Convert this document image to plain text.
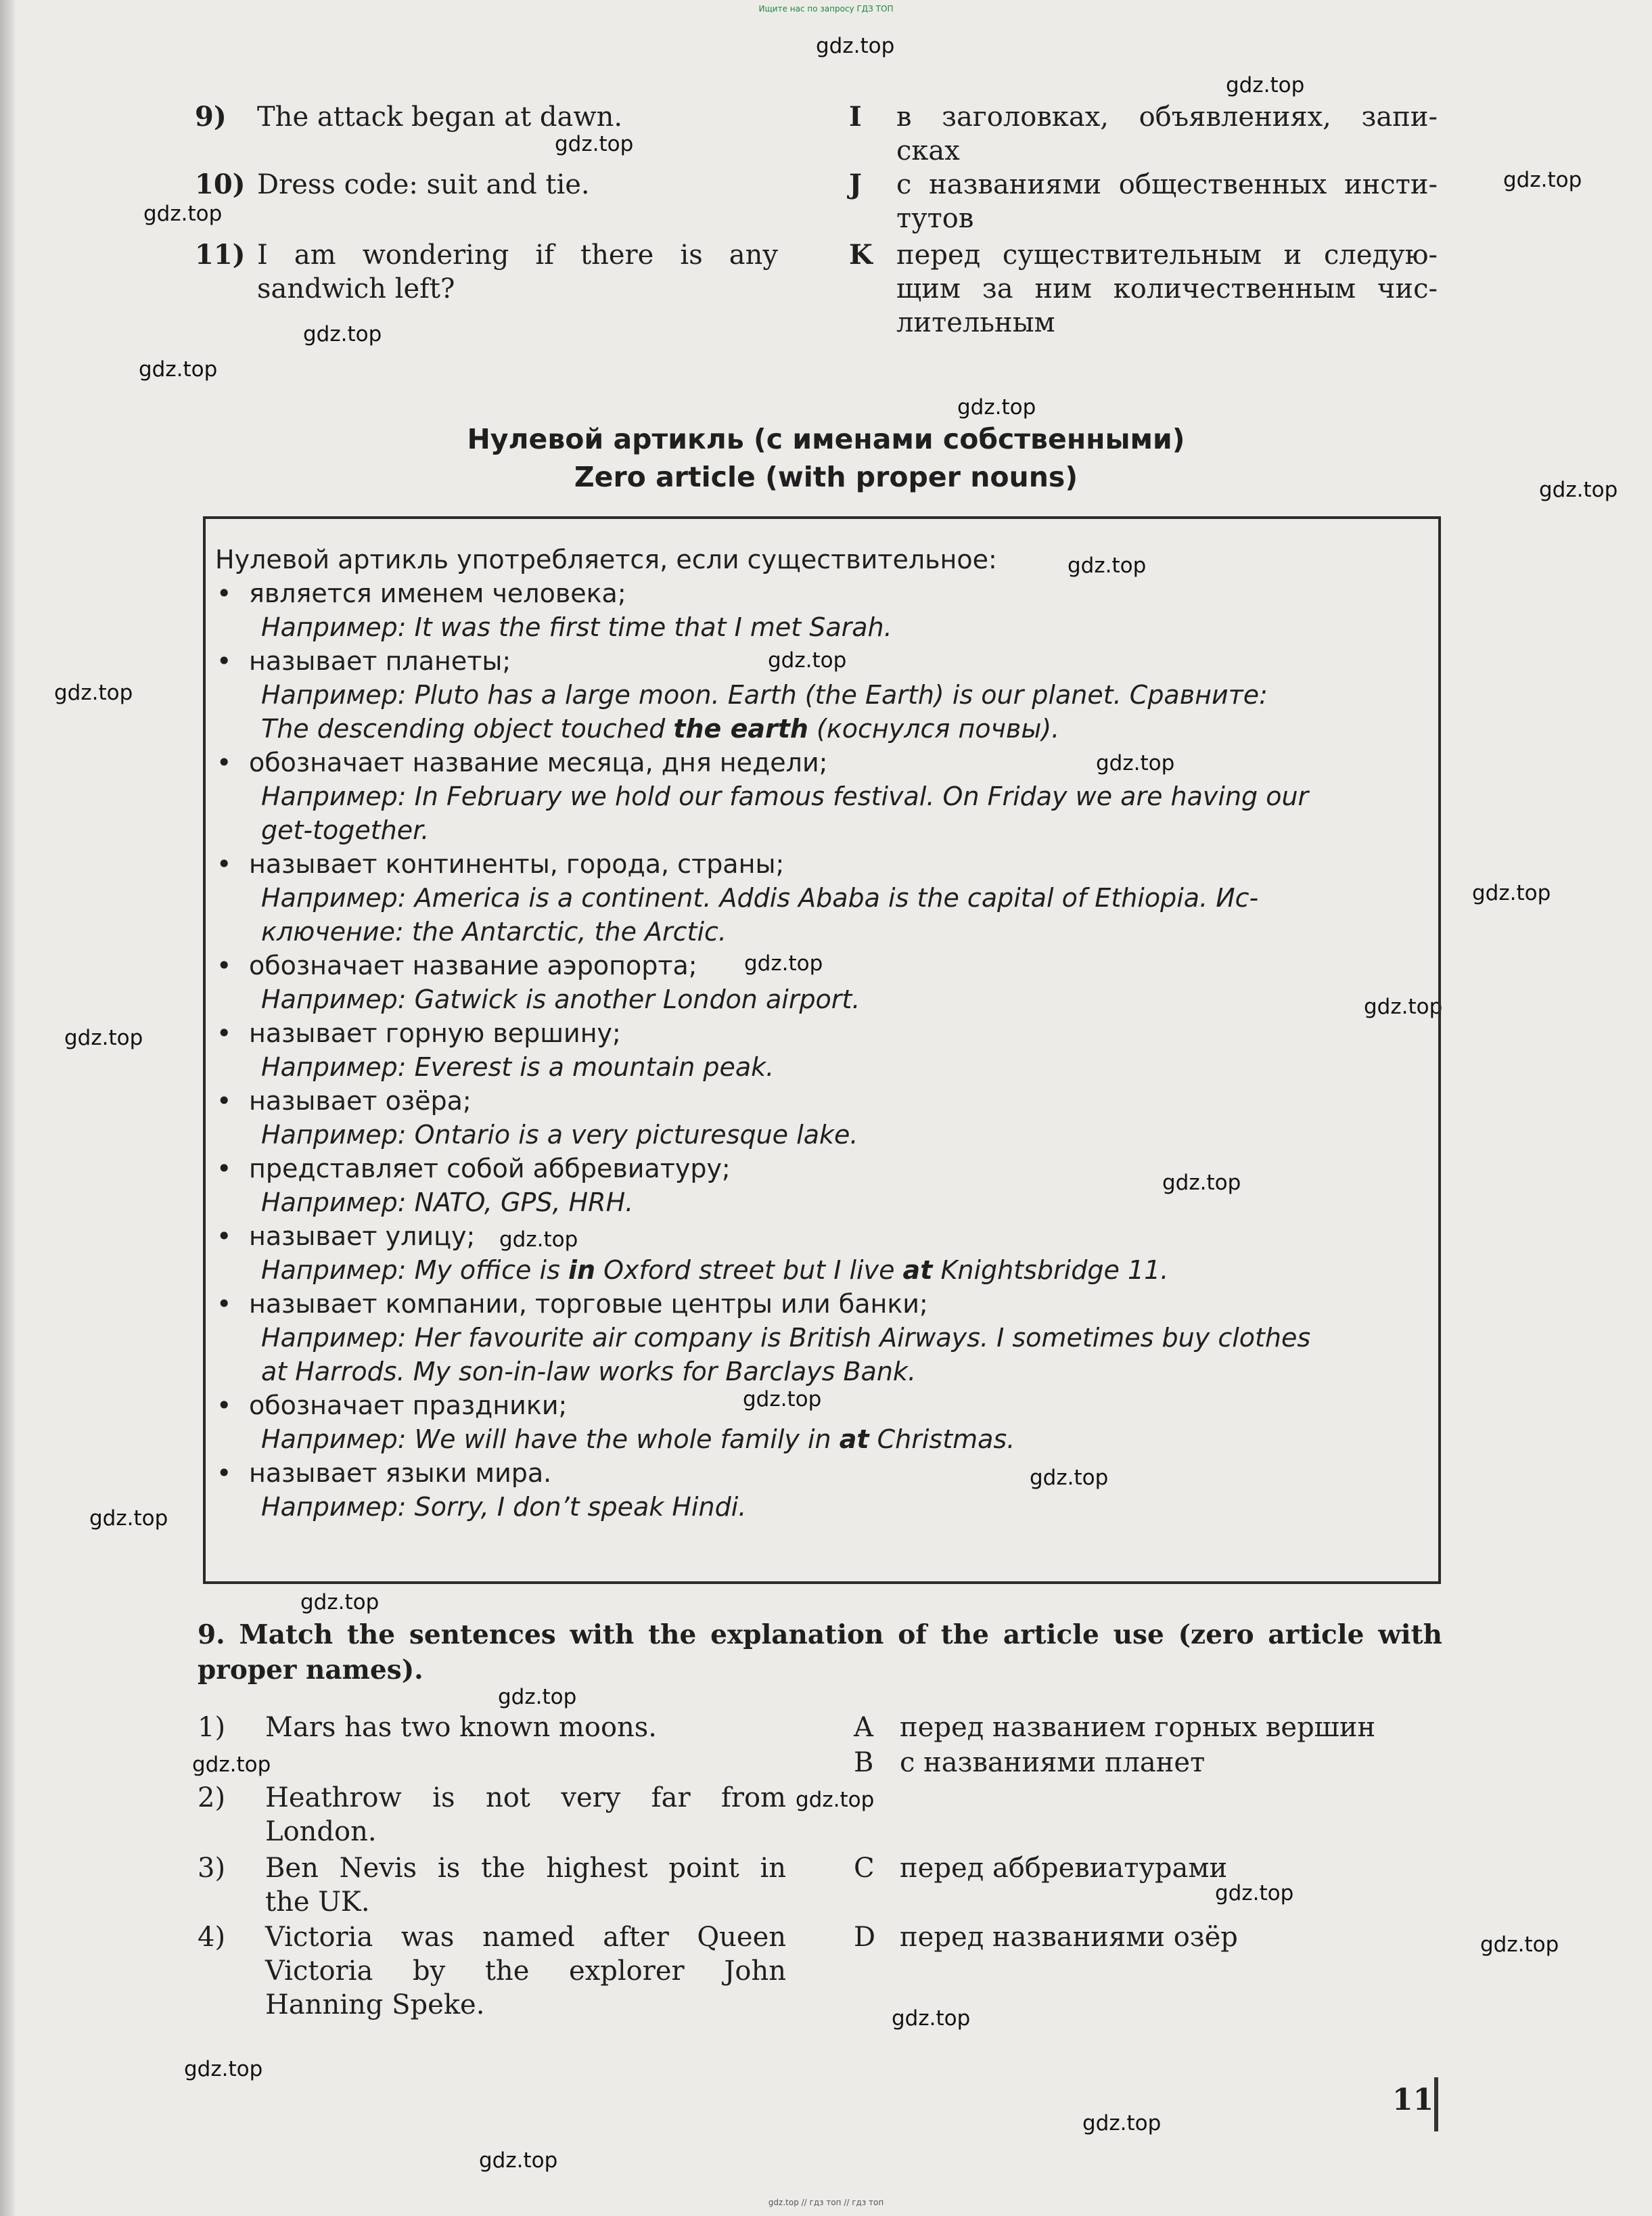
Ищите нас по запросу ГДЗ ТОП
gdz.top
gdz.top
gdz.top
gdz.top
gdz.top
gdz.top
gdz.top
gdz.top
gdz.top
gdz.top
gdz.top
gdz.top
gdz.top
gdz.top
gdz.top
gdz.top
gdz.top
gdz.top
gdz.top
gdz.top
gdz.top
gdz.top
gdz.top
gdz.top
gdz.top
gdz.top
gdz.top
gdz.top
gdz.top
gdz.top
gdz.top
gdz.top
9) The attack began at dawn.	I в заголовках, объявлениях, запи-
сках
10) Dress code: suit and tie.	J с названиями общественных инсти-
тутов
11) I am wondering if there is any
sandwich left?
K перед существительным и следую-
щим за ним количественным чис-
лительным
Нулевой артикль (с именами собственными)
Zero article (with proper nouns)
Нулевой артикль употребляется, если существительное:
• является именем человека;
Например: It was the first time that I met Sarah.
• называет планеты;
Например: Pluto has a large moon. Earth (the Earth) is our planet. Сравните:
The descending object touched the earth (коснулся почвы).
• обозначает название месяца, дня недели;
Например: In February we hold our famous festival. On Friday we are having our
get-together.
• называет континенты, города, страны;
Например: America is a continent. Addis Ababa is the capital of Ethiopia. Ис-
ключение: the Antarctic, the Arctic.
• обозначает название аэропорта;
Например: Gatwick is another London airport.
• называет горную вершину;
Например: Everest is a mountain peak.
• называет озёра;
Например: Ontario is a very picturesque lake.
• представляет собой аббревиатуру;
Например: NATO, GPS, HRH.
• называет улицу;
Например: My office is in Oxford street but I live at Knightsbridge 11.
• называет компании, торговые центры или банки;
Например: Her favourite air company is British Airways. I sometimes buy clothes
at Harrods. My son-in-law works for Barclays Bank.
• обозначает праздники;
Например: We will have the whole family in at Christmas.
• называет языки мира.
Например: Sorry, I don’t speak Hindi.
9. Match the sentences with the explanation of the article use (zero article with
proper names).
1) Mars has two known moons.
2) Heathrow is not very far from
London.
3) Ben Nevis is the highest point in
the UK.
4) Victoria was named after Queen
Victoria by the explorer John
Hanning Speke.
A перед названием горных вершин
B с названиями планет
C перед аббревиатурами
D перед названиями озёр
11
gdz.top // гдз топ // гдз топ
